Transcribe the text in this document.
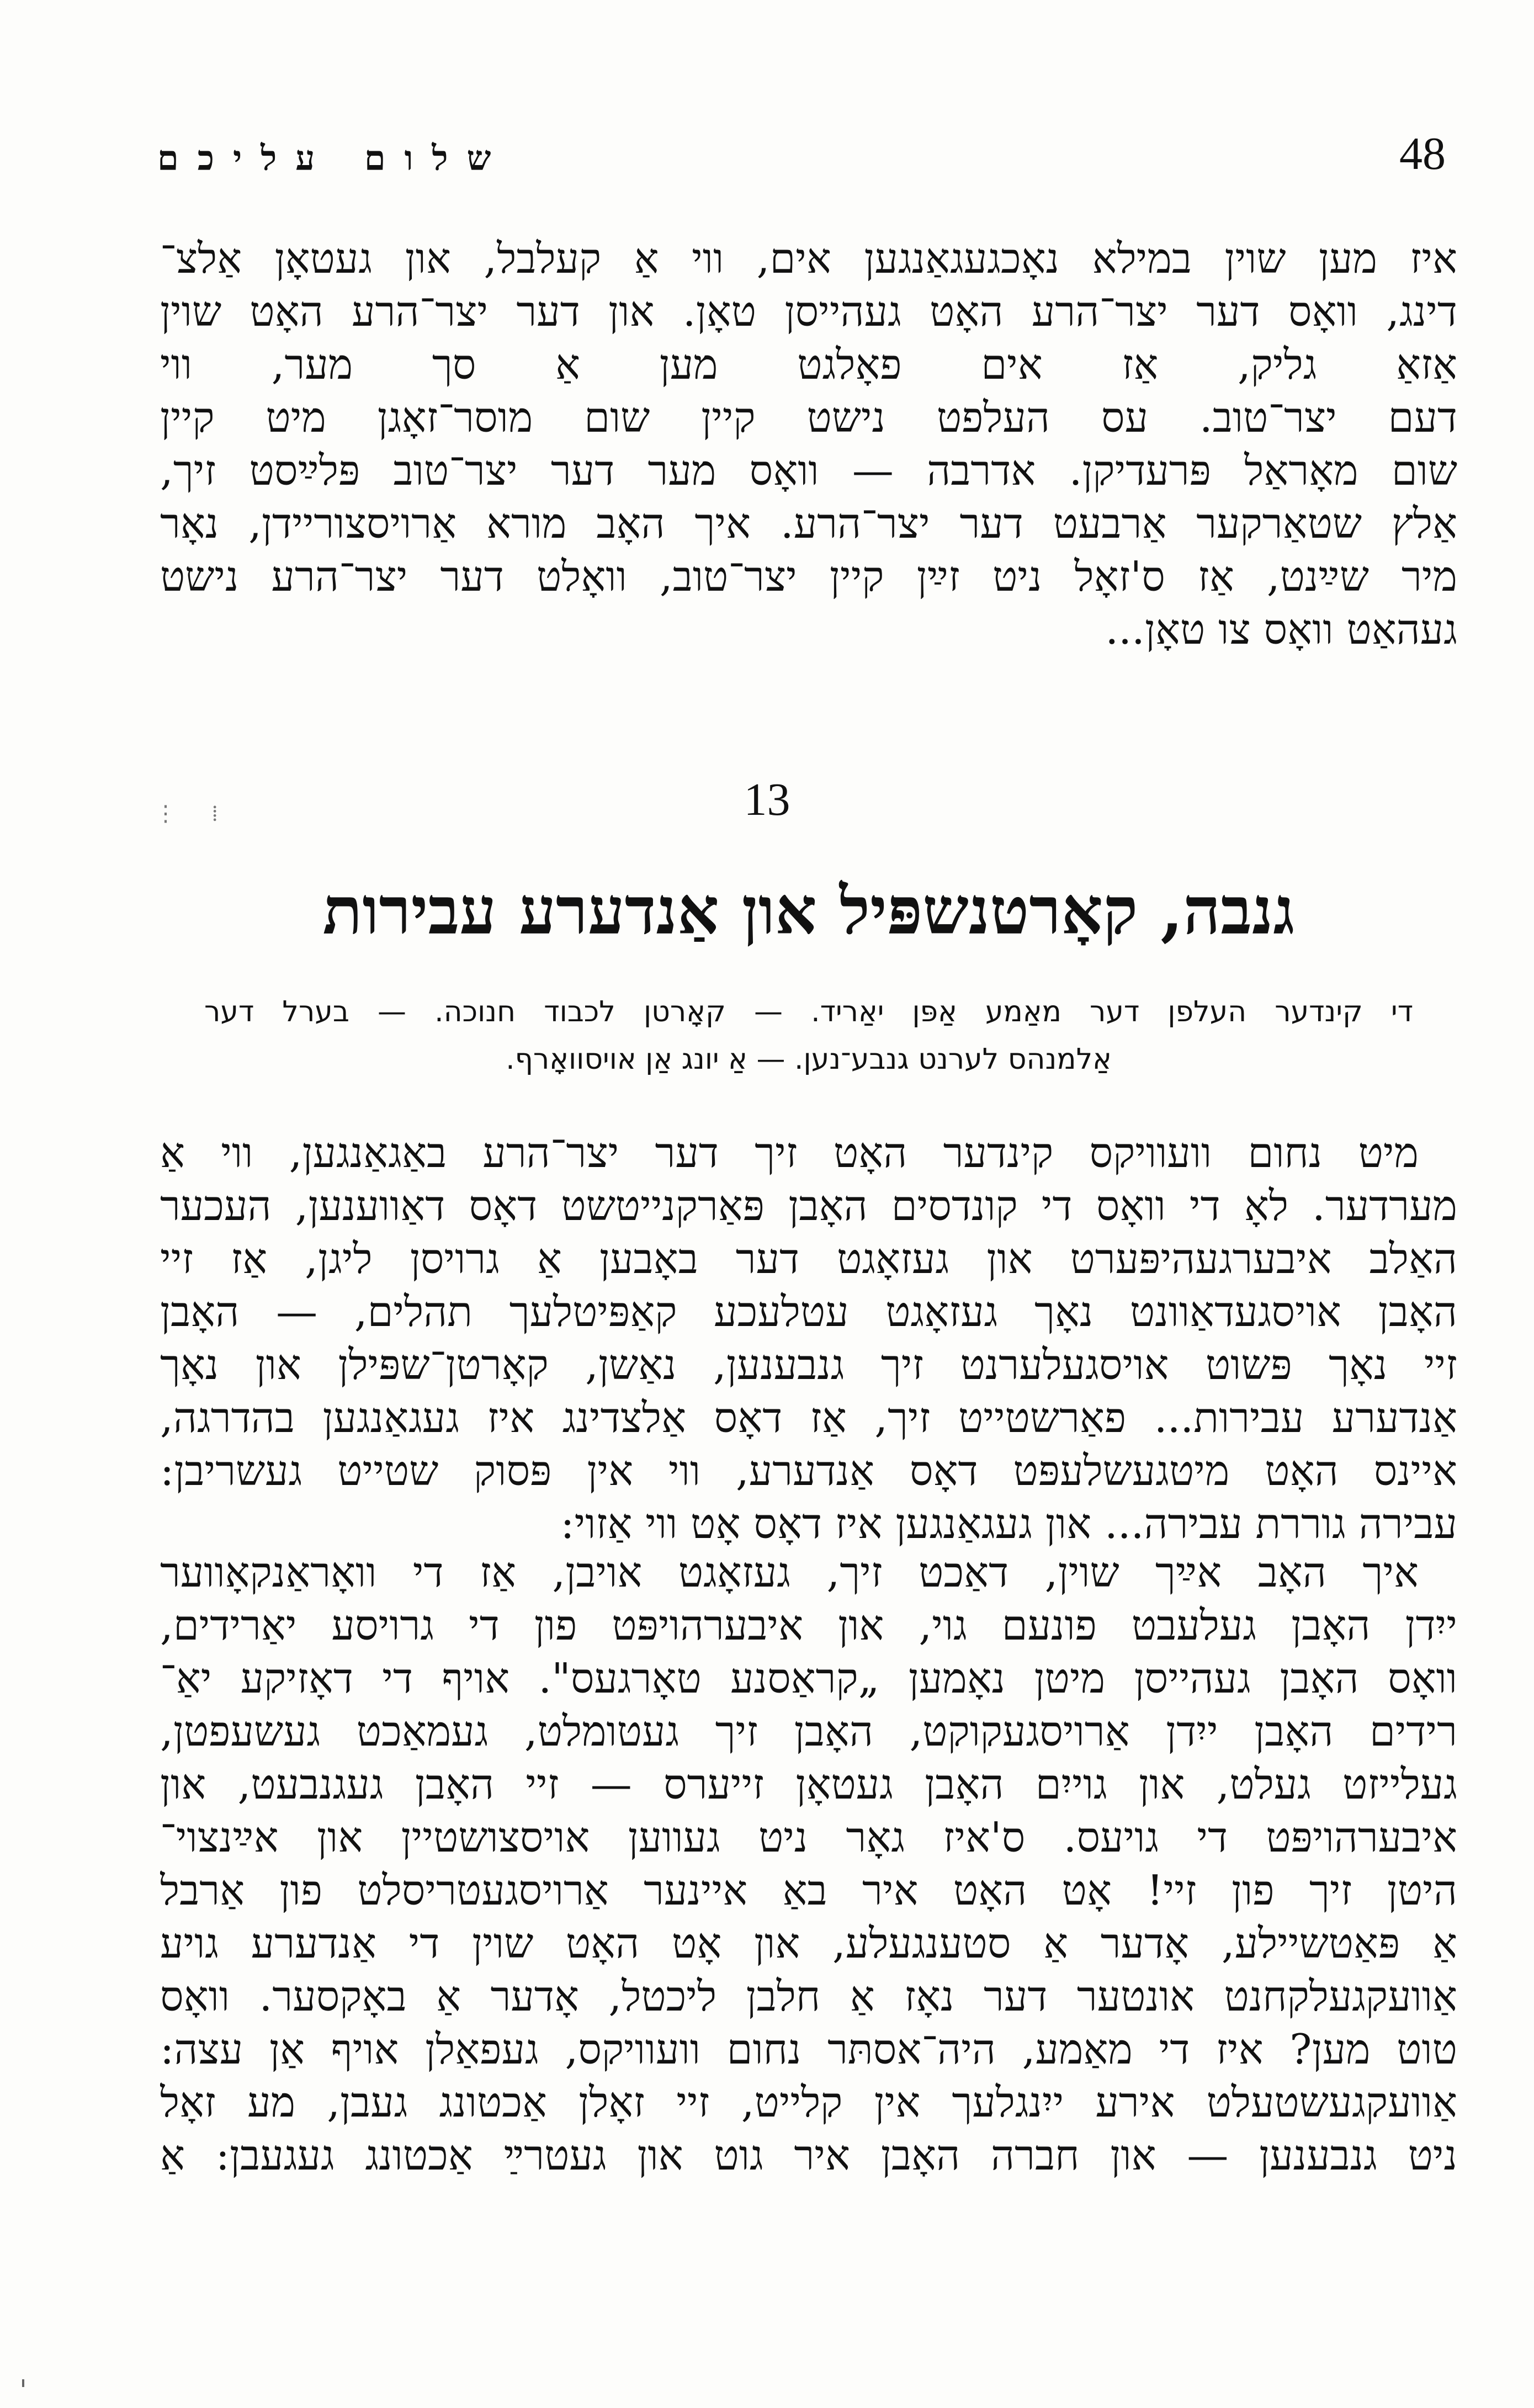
שלום עליכם	48
איז מען שוין במילא נאָכגעגאַנגען אים, ווי אַ קעלבל, און געטאָן אַלצ־
דינג, וואָס דער יצר־הרע האָט געהייסן טאָן. און דער יצר־הרע האָט שוין
אַזאַ גליק, אַז אים פאָלגט מען אַ סך מער, ווי
דעם יצר־טוב. עס העלפט נישט קיין שום מוסר־זאָגן מיט קיין
שום מאָראַל פּרעדיקן. אדרבה — וואָס מער דער יצר־טוב פּלײַסט זיך,
אַלץ שטאַרקער אַרבעט דער יצר־הרע. איך האָב מורא אַרויסצוריידן, נאָר
מיר שײַנט, אַז ס'זאָל ניט זײַן קיין יצר־טוב, וואָלט דער יצר־הרע נישט
געהאַט וואָס צו טאָן...
⋮     ⁞	13
גנבה, קאָרטנשפּיל און אַנדערע עבירות
די קינדער העלפן דער מאַמע אַפּן יאַריד. — קאָרטן לכבוד חנוכה. — בערל דער
אַלמנהס לערנט גנבע־נען. — אַ יונג אַן אויסוואָרף.
מיט נחום וועוויקס קינדער האָט זיך דער יצר־הרע באַגאַנגען, ווי אַ
מערדער. לאָ די וואָס די קונדסים האָבן פּאַרקנייטשט דאָס דאַווענען, העכער
האַלב איבערגעהיפּערט און געזאָגט דער באָבען אַ גרויסן ליגן, אַז זיי
האָבן אויסגעדאַוונט נאָך געזאָגט עטלעכע קאַפּיטלעך תהלים, — האָבן
זיי נאָך פּשוט אויסגעלערנט זיך גנבענען, נאַשן, קאָרטן־שפּילן און נאָך
אַנדערע עבירות... פאַרשטייט זיך, אַז דאָס אַלצדינג איז געגאַנגען בהדרגה,
איינס האָט מיטגעשלעפּט דאָס אַנדערע, ווי אין פּסוק שטייט געשריבן:
עבירה גוררת עבירה... און געגאַנגען איז דאָס אָט ווי אַזוי:
איך האָב אײַך שוין, דאַכט זיך, געזאָגט אויבן, אַז די וואָראַנקאָווער
ייִדן האָבן געלעבט פונעם גוי, און איבערהויפּט פון די גרויסע יאַרידים,
וואָס האָבן געהייסן מיטן נאָמען „קראַסנע טאָרגעס". אויף די דאָזיקע יאַ־
רידים האָבן ייִדן אַרויסגעקוקט, האָבן זיך געטומלט, געמאַכט געשעפטן,
געלייזט געלט, און גוייִם האָבן געטאָן זייערס — זיי האָבן געגנבעט, און
איבערהויפּט די גויעס. ס'איז גאָר ניט געווען אויסצושטיין און אײַנצוי־
היטן זיך פון זיי! אָט האָט איר באַ איינער אַרויסגעטריסלט פון אַרבל
אַ פּאַטשיילע, אָדער אַ סטענגעלע, און אָט האָט שוין די אַנדערע גויע
אַוועקגעלקחנט אונטער דער נאָז אַ חלבן ליכטל, אָדער אַ באָקסער. וואָס
טוט מען? איז די מאַמע, היה־אסתּר נחום וועוויקס, געפאַלן אויף אַן עצה:
אַוועקגעשטעלט אירע ייִנגלעך אין קלייט, זיי זאָלן אַכטונג געבן, מע זאָל
ניט גנבענען — און חברה האָבן איר גוט און געטרײַ אַכטונג געגעבן: אַ
